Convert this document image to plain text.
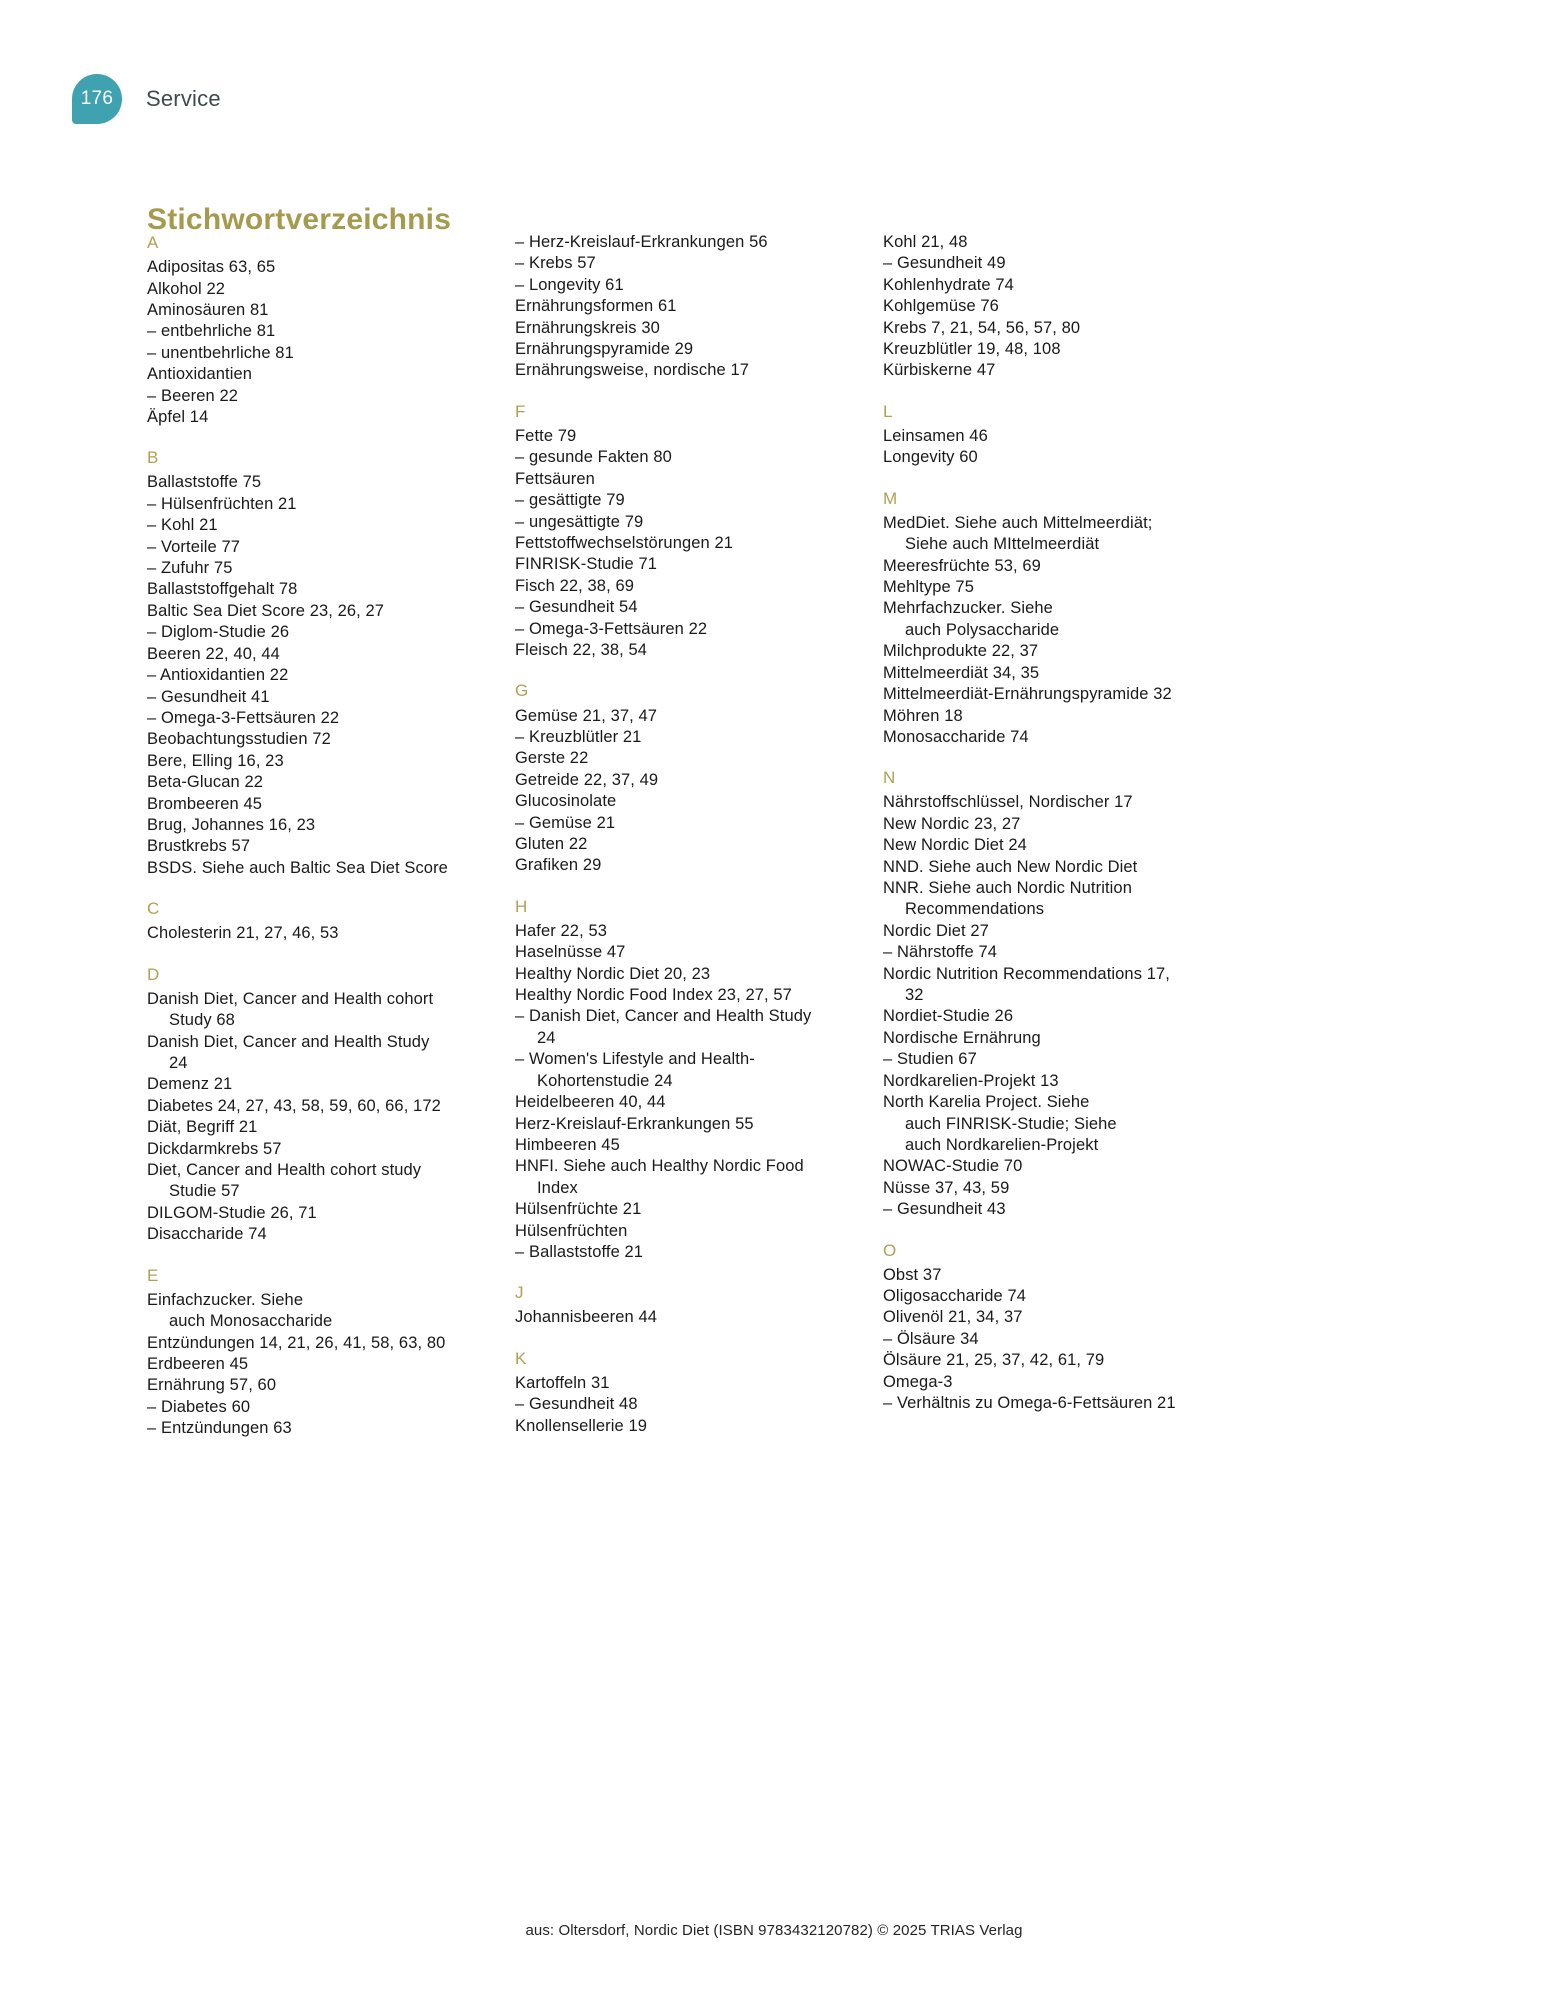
176 Service
Stichwortverzeichnis
A
Adipositas 63, 65
Alkohol 22
Aminosäuren 81
– entbehrliche 81
– unentbehrliche 81
Antioxidantien
– Beeren 22
Äpfel 14
B
Ballaststoffe 75
– Hülsenfrüchten 21
– Kohl 21
– Vorteile 77
– Zufuhr 75
Ballaststoffgehalt 78
Baltic Sea Diet Score 23, 26, 27
– Diglom-Studie 26
Beeren 22, 40, 44
– Antioxidantien 22
– Gesundheit 41
– Omega-3-Fettsäuren 22
Beobachtungsstudien 72
Bere, Elling 16, 23
Beta-Glucan 22
Brombeeren 45
Brug, Johannes 16, 23
Brustkrebs 57
BSDS. Siehe auch Baltic Sea Diet Score
C
Cholesterin 21, 27, 46, 53
D
Danish Diet, Cancer and Health cohort
Study 68
Danish Diet, Cancer and Health Study
24
Demenz 21
Diabetes 24, 27, 43, 58, 59, 60, 66, 172
Diät, Begriff 21
Dickdarmkrebs 57
Diet, Cancer and Health cohort study
Studie 57
DILGOM-Studie 26, 71
Disaccharide 74
E
Einfachzucker. Siehe
auch Monosaccharide
Entzündungen 14, 21, 26, 41, 58, 63, 80
Erdbeeren 45
Ernährung 57, 60
– Diabetes 60
– Entzündungen 63
– Herz-Kreislauf-Erkrankungen 56
– Krebs 57
– Longevity 61
Ernährungsformen 61
Ernährungskreis 30
Ernährungspyramide 29
Ernährungsweise, nordische 17
F
Fette 79
– gesunde Fakten 80
Fettsäuren
– gesättigte 79
– ungesättigte 79
Fettstoffwechselstörungen 21
FINRISK-Studie 71
Fisch 22, 38, 69
– Gesundheit 54
– Omega-3-Fettsäuren 22
Fleisch 22, 38, 54
G
Gemüse 21, 37, 47
– Kreuzblütler 21
Gerste 22
Getreide 22, 37, 49
Glucosinolate
– Gemüse 21
Gluten 22
Grafiken 29
H
Hafer 22, 53
Haselnüsse 47
Healthy Nordic Diet 20, 23
Healthy Nordic Food Index 23, 27, 57
– Danish Diet, Cancer and Health Study
24
– Women's Lifestyle and Health-
Kohortenstudie 24
Heidelbeeren 40, 44
Herz-Kreislauf-Erkrankungen 55
Himbeeren 45
HNFI. Siehe auch Healthy Nordic Food
Index
Hülsenfrüchte 21
Hülsenfrüchten
– Ballaststoffe 21
J
Johannisbeeren 44
K
Kartoffeln 31
– Gesundheit 48
Knollensellerie 19
Kohl 21, 48
– Gesundheit 49
Kohlenhydrate 74
Kohlgemüse 76
Krebs 7, 21, 54, 56, 57, 80
Kreuzblütler 19, 48, 108
Kürbiskerne 47
L
Leinsamen 46
Longevity 60
M
MedDiet. Siehe auch Mittelmeerdiät;
Siehe auch MIttelmeerdiät
Meeresfrüchte 53, 69
Mehltype 75
Mehrfachzucker. Siehe
auch Polysaccharide
Milchprodukte 22, 37
Mittelmeerdiät 34, 35
Mittelmeerdiät-Ernährungspyramide 32
Möhren 18
Monosaccharide 74
N
Nährstoffschlüssel, Nordischer 17
New Nordic 23, 27
New Nordic Diet 24
NND. Siehe auch New Nordic Diet
NNR. Siehe auch Nordic Nutrition
Recommendations
Nordic Diet 27
– Nährstoffe 74
Nordic Nutrition Recommendations 17,
32
Nordiet-Studie 26
Nordische Ernährung
– Studien 67
Nordkarelien-Projekt 13
North Karelia Project. Siehe
auch FINRISK-Studie; Siehe
auch Nordkarelien-Projekt
NOWAC-Studie 70
Nüsse 37, 43, 59
– Gesundheit 43
O
Obst 37
Oligosaccharide 74
Olivenöl 21, 34, 37
– Ölsäure 34
Ölsäure 21, 25, 37, 42, 61, 79
Omega-3
– Verhältnis zu Omega-6-Fettsäuren 21
aus: Oltersdorf, Nordic Diet (ISBN 9783432120782) © 2025 TRIAS Verlag
